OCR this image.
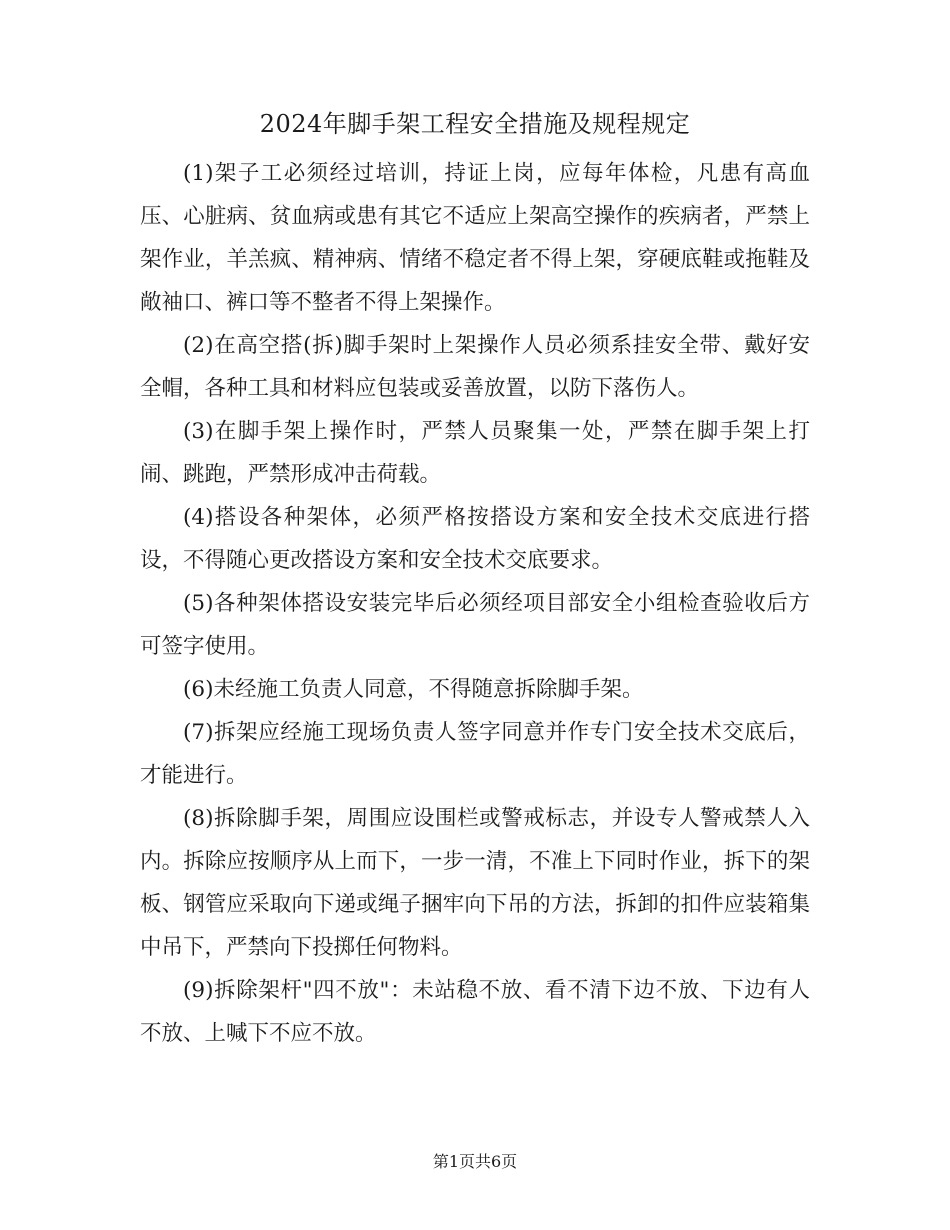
2024年脚手架工程安全措施及规程规定

(1)架子工必须经过培训，持证上岗，应每年体检，凡患有高血压、心脏病、贫血病或患有其它不适应上架高空操作的疾病者，严禁上架作业，羊羔疯、精神病、情绪不稳定者不得上架，穿硬底鞋或拖鞋及敞袖口、裤口等不整者不得上架操作。

(2)在高空搭(拆)脚手架时上架操作人员必须系挂安全带、戴好安全帽，各种工具和材料应包装或妥善放置，以防下落伤人。

(3)在脚手架上操作时，严禁人员聚集一处，严禁在脚手架上打闹、跳跑，严禁形成冲击荷载。

(4)搭设各种架体，必须严格按搭设方案和安全技术交底进行搭设，不得随心更改搭设方案和安全技术交底要求。

(5)各种架体搭设安装完毕后必须经项目部安全小组检查验收后方可签字使用。

(6)未经施工负责人同意，不得随意拆除脚手架。

(7)拆架应经施工现场负责人签字同意并作专门安全技术交底后，才能进行。

(8)拆除脚手架，周围应设围栏或警戒标志，并设专人警戒禁人入内。拆除应按顺序从上而下，一步一清，不准上下同时作业，拆下的架板、钢管应采取向下递或绳子捆牢向下吊的方法，拆卸的扣件应装箱集中吊下，严禁向下投掷任何物料。

(9)拆除架杆"四不放"：未站稳不放、看不清下边不放、下边有人不放、上喊下不应不放。

第1页共6页
